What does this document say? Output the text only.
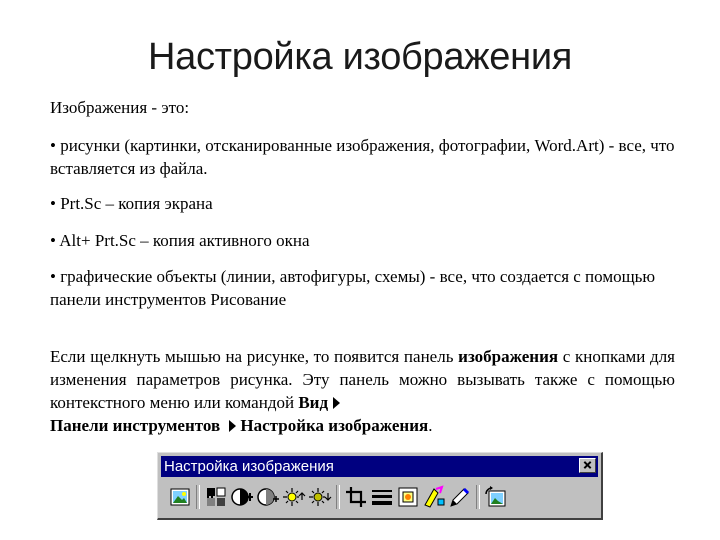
Настройка изображения

Изображения - это:

• рисунки (картинки, отсканированные изображения, фотографии, Word.Art) - все, что вставляется из файла.

• Prt.Sc – копия экрана

• Alt+ Prt.Sc – копия активного окна

• графические объекты (линии, автофигуры, схемы) - все, что создается с помощью панели инструментов Рисование

Если щелкнуть мышью на рисунке, то появится панель изображения с кнопками для изменения параметров рисунка. Эту панель можно вызывать также с помощью контекстного меню или командой Вид
Панели инструментов Настройка изображения.

Настройка изображения
